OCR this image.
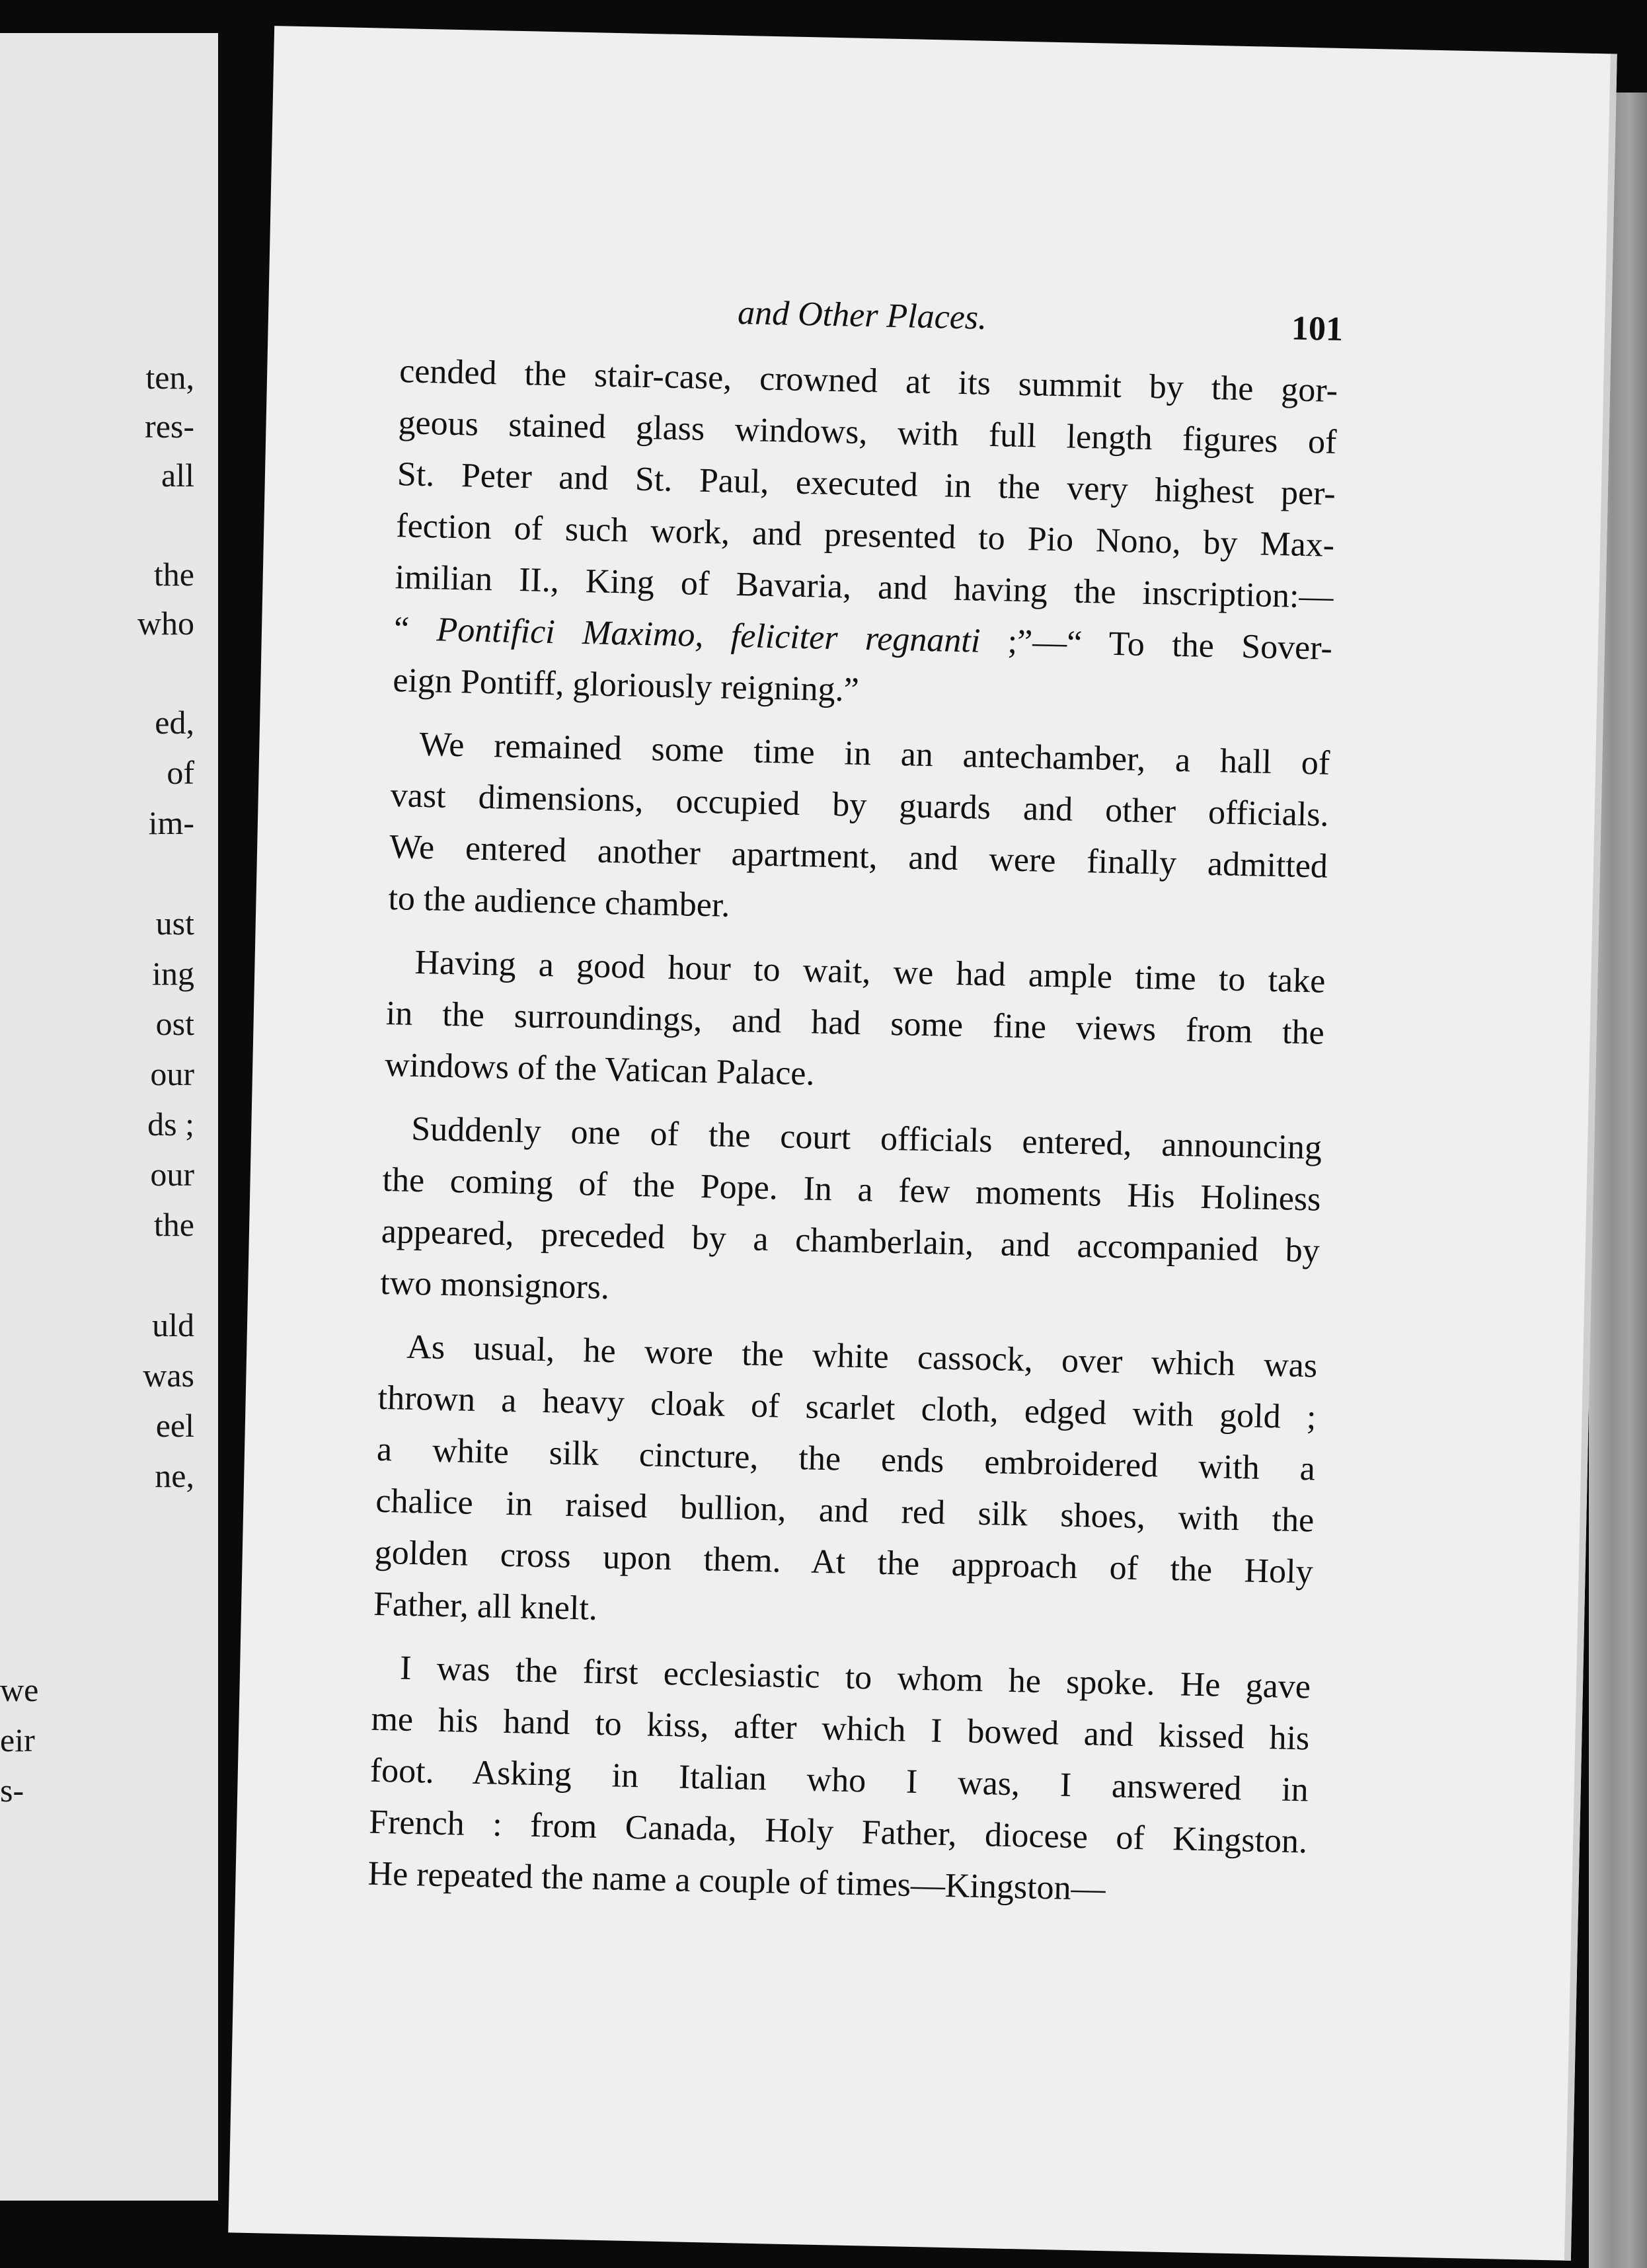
ten,
res-
all
the
who
ed,
of
im-
ust
ing
ost
our
ds ;
our
the
uld
was
eel
ne,
we
eir
s-
and Other Places.	101
cended the stair-case, crowned at its summit by the gor-
geous stained glass windows, with full length figures of
St. Peter and St. Paul, executed in the very highest per-
fection of such work, and presented to Pio Nono, by Max-
imilian II., King of Bavaria, and having the inscription:—
“ Pontifici Maximo, feliciter regnanti ;”—“ To the Sover-
eign Pontiff, gloriously reigning.”
We remained some time in an antechamber, a hall of
vast dimensions, occupied by guards and other officials.
We entered another apartment, and were finally admitted
to the audience chamber.
Having a good hour to wait, we had ample time to take
in the surroundings, and had some fine views from the
windows of the Vatican Palace.
Suddenly one of the court officials entered, announcing
the coming of the Pope. In a few moments His Holiness
appeared, preceded by a chamberlain, and accompanied by
two monsignors.
As usual, he wore the white cassock, over which was
thrown a heavy cloak of scarlet cloth, edged with gold ;
a white silk cincture, the ends embroidered with a
chalice in raised bullion, and red silk shoes, with the
golden cross upon them. At the approach of the Holy
Father, all knelt.
I was the first ecclesiastic to whom he spoke. He gave
me his hand to kiss, after which I bowed and kissed his
foot. Asking in Italian who I was, I answered in
French : from Canada, Holy Father, diocese of Kingston.
He repeated the name a couple of times—Kingston—
